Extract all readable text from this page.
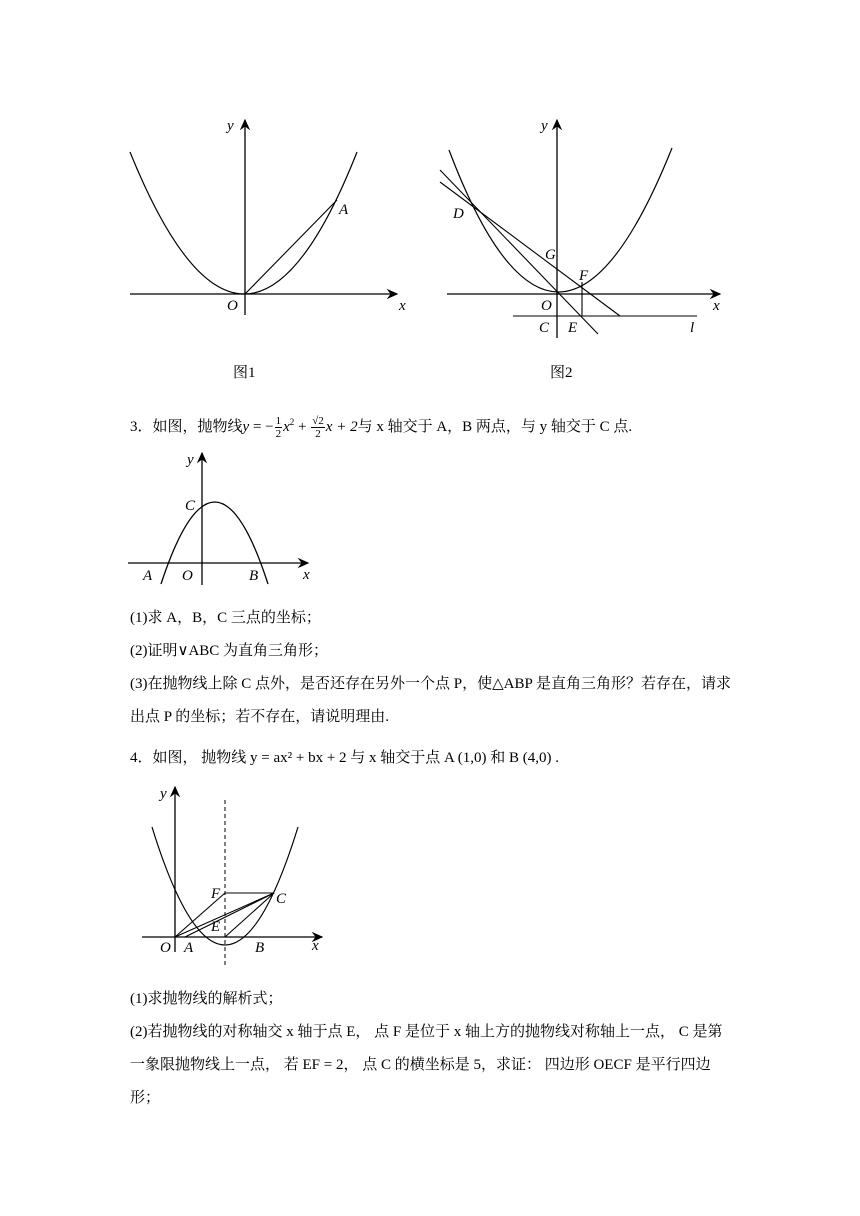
y
x
O
A
图1
y
x
O
D
G
F
C E	l
图2
3．如图，抛物线y = − $\frac{1}{2} x^2 + \frac{√2}{2}$ x + 2与 x 轴交于 A，B 两点，与 y 轴交于 C 点.
y
x
C
A O	B
(1)求 A，B，C 三点的坐标；
(2)证明∨ABC 为直角三角形；
(3)在抛物线上除 C 点外，是否还存在另外一个点 P，使△ABP 是直角三角形？若存在，请求
出点 P 的坐标；若不存在，请说明理由.
4．如图， 抛物线 y = ax² + bx + 2 与 x 轴交于点 A (1,0) 和 B (4,0) .
y
x
F	C
E
O A	B
(1)求抛物线的解析式；
(2)若抛物线的对称轴交 x 轴于点 E， 点 F 是位于 x 轴上方的抛物线对称轴上一点， C 是第
一象限抛物线上一点， 若 EF = 2， 点 C 的横坐标是 5，求证： 四边形 OECF 是平行四边
形；
